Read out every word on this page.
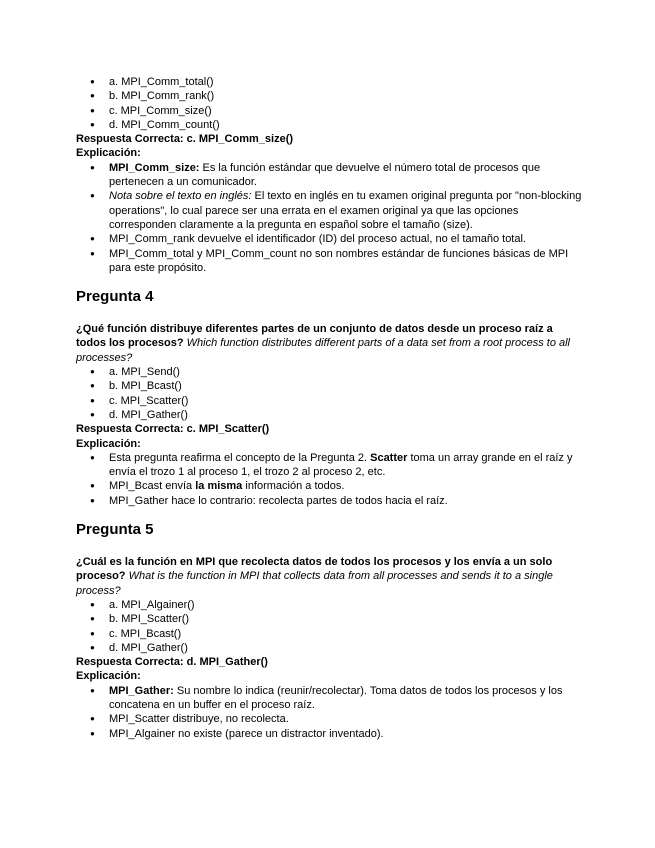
● a. MPI_Comm_total()
● b. MPI_Comm_rank()
● c. MPI_Comm_size()
● d. MPI_Comm_count()

Respuesta Correcta: c. MPI_Comm_size()

Explicación:

● MPI_Comm_size: Es la función estándar que devuelve el número total de procesos que pertenecen a un comunicador.
● Nota sobre el texto en inglés: El texto en inglés en tu examen original pregunta por "non-blocking operations", lo cual parece ser una errata en el examen original ya que las opciones corresponden claramente a la pregunta en español sobre el tamaño (size).
● MPI_Comm_rank devuelve el identificador (ID) del proceso actual, no el tamaño total.
● MPI_Comm_total y MPI_Comm_count no son nombres estándar de funciones básicas de MPI para este propósito.
Pregunta 4

¿Qué función distribuye diferentes partes de un conjunto de datos desde un proceso raíz a todos los procesos? Which function distributes different parts of a data set from a root process to all processes?

● a. MPI_Send()
● b. MPI_Bcast()
● c. MPI_Scatter()
● d. MPI_Gather()

Respuesta Correcta: c. MPI_Scatter()

Explicación:

● Esta pregunta reafirma el concepto de la Pregunta 2. Scatter toma un array grande en el raíz y envía el trozo 1 al proceso 1, el trozo 2 al proceso 2, etc.
● MPI_Bcast envía la misma información a todos.
● MPI_Gather hace lo contrario: recolecta partes de todos hacia el raíz.
Pregunta 5

¿Cuál es la función en MPI que recolecta datos de todos los procesos y los envía a un solo proceso? What is the function in MPI that collects data from all processes and sends it to a single process?

● a. MPI_Algainer()
● b. MPI_Scatter()
● c. MPI_Bcast()
● d. MPI_Gather()

Respuesta Correcta: d. MPI_Gather()

Explicación:

● MPI_Gather: Su nombre lo indica (reunir/recolectar). Toma datos de todos los procesos y los concatena en un buffer en el proceso raíz.
● MPI_Scatter distribuye, no recolecta.
● MPI_Algainer no existe (parece un distractor inventado).
